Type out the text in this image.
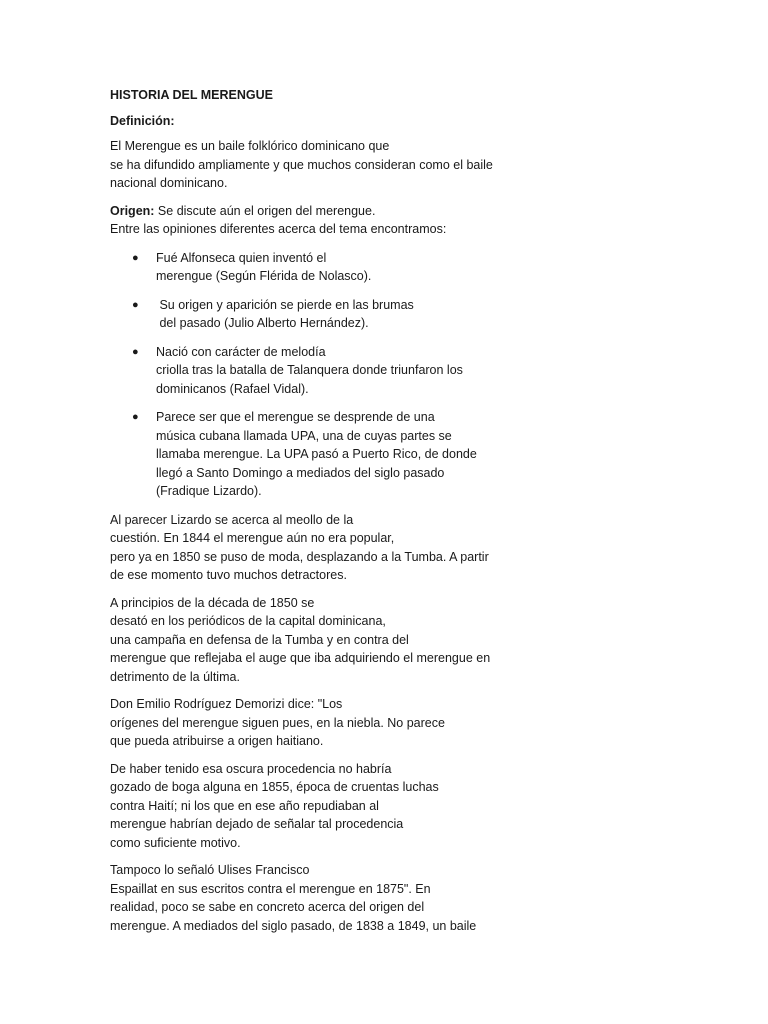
HISTORIA DEL MERENGUE
Definición:
El Merengue es un baile folklórico dominicano que
se ha difundido ampliamente y que muchos consideran como el baile
nacional dominicano.
Origen: Se discute aún el origen del merengue.
Entre las opiniones diferentes acerca del tema encontramos:
● Fué Alfonseca quien inventó el
merengue (Según Flérida de Nolasco).
● Su origen y aparición se pierde en las brumas
del pasado (Julio Alberto Hernández).
● Nació con carácter de melodía
criolla tras la batalla de Talanquera donde triunfaron los
dominicanos (Rafael Vidal).
● Parece ser que el merengue se desprende de una
música cubana llamada UPA, una de cuyas partes se
llamaba merengue. La UPA pasó a Puerto Rico, de donde
llegó a Santo Domingo a mediados del siglo pasado
(Fradique Lizardo).
Al parecer Lizardo se acerca al meollo de la
cuestión. En 1844 el merengue aún no era popular,
pero ya en 1850 se puso de moda, desplazando a la Tumba. A partir
de ese momento tuvo muchos detractores.
A principios de la década de 1850 se
desató en los periódicos de la capital dominicana,
una campaña en defensa de la Tumba y en contra del
merengue que reflejaba el auge que iba adquiriendo el merengue en
detrimento de la última.
Don Emilio Rodríguez Demorizi dice: "Los
orígenes del merengue siguen pues, en la niebla. No parece
que pueda atribuirse a origen haitiano.
De haber tenido esa oscura procedencia no habría
gozado de boga alguna en 1855, época de cruentas luchas
contra Haití; ni los que en ese año repudiaban al
merengue habrían dejado de señalar tal procedencia
como suficiente motivo.
Tampoco lo señaló Ulises Francisco
Espaillat en sus escritos contra el merengue en 1875". En
realidad, poco se sabe en concreto acerca del origen del
merengue. A mediados del siglo pasado, de 1838 a 1849, un baile
